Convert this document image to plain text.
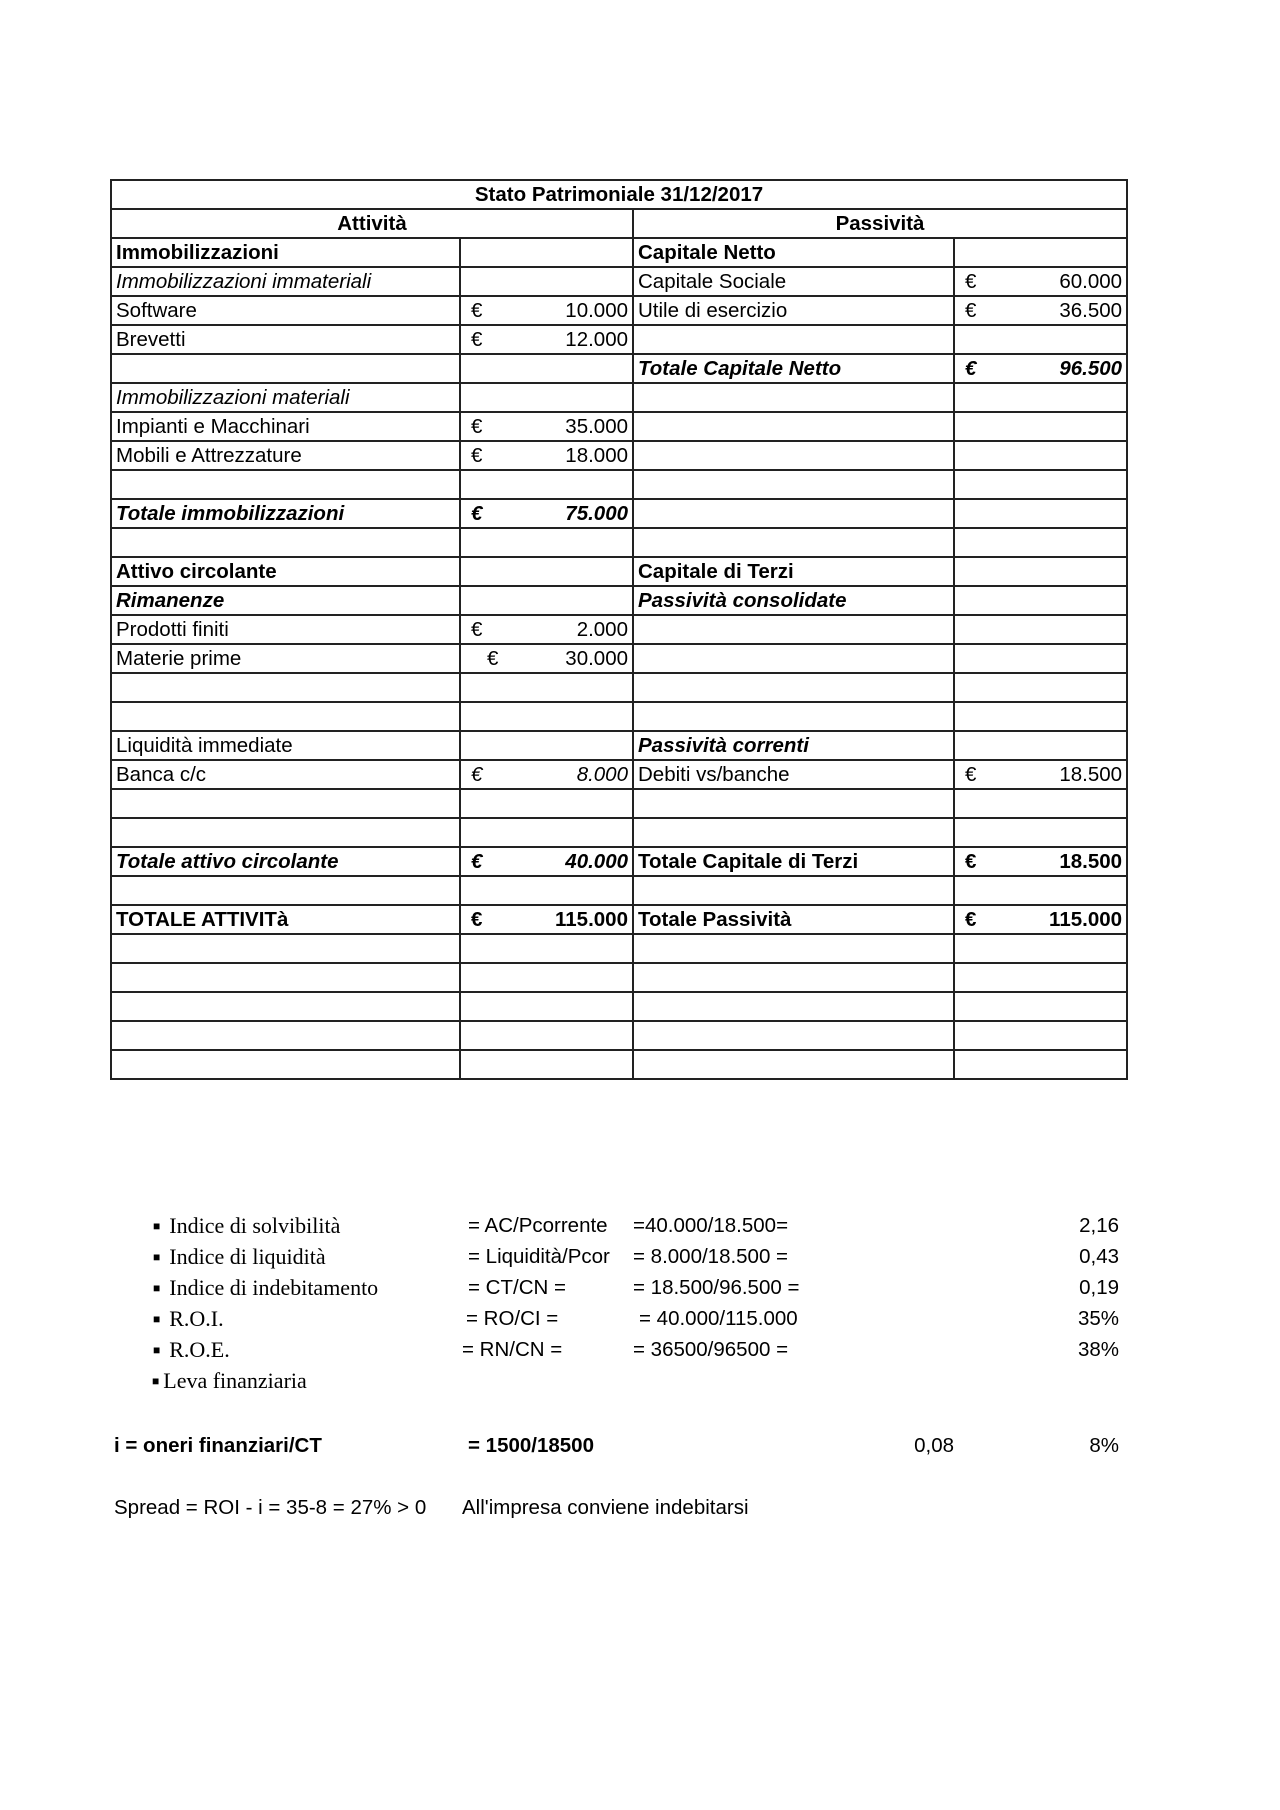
Stato Patrimoniale 31/12/2017			
Attività		Passività	
Immobilizzazioni		Capitale Netto	
Immobilizzazioni immateriali		Capitale Sociale	€ 60.000

Software	€ 10.000	Utile di esercizio	€ 36.500

Brevetti	€ 12.000		

		Totale Capitale Netto	€ 96.500

Immobilizzazioni materiali			
Impianti e Macchinari	€ 35.000		

Mobili e Attrezzature	€ 18.000		

Totale immobilizzazioni	€ 75.000		

Attivo circolante		Capitale di Terzi	
Rimanenze		Passività consolidate	
Prodotti finiti	€ 2.000		

Materie prime	€ 30.000		

Liquidità immediate		Passività correnti	
Banca c/c	€ 8.000	Debiti vs/banche	€ 18.500

Totale attivo circolante	€ 40.000	Totale Capitale di Terzi	€ 18.500

TOTALE ATTIVITà	€ 115.000	Totale Passività	€ 115.000

■ Indice di solvibilità	= AC/Pcorrente =40.000/18.500=	2,16
■ Indice di liquidità	= Liquidità/Pcor = 8.000/18.500 =	0,43
■ Indice di indebitamento	= CT/CN =	= 18.500/96.500 =	0,19
■ R.O.I.	= RO/CI =	= 40.000/115.000	35%
■ R.O.E.	= RN/CN =	= 36500/96500 =	38%
■ Leva finanziaria
i = oneri finanziari/CT	= 1500/18500	0,08	8%
Spread = ROI - i = 35-8 = 27% > 0 All'impresa conviene indebitarsi
